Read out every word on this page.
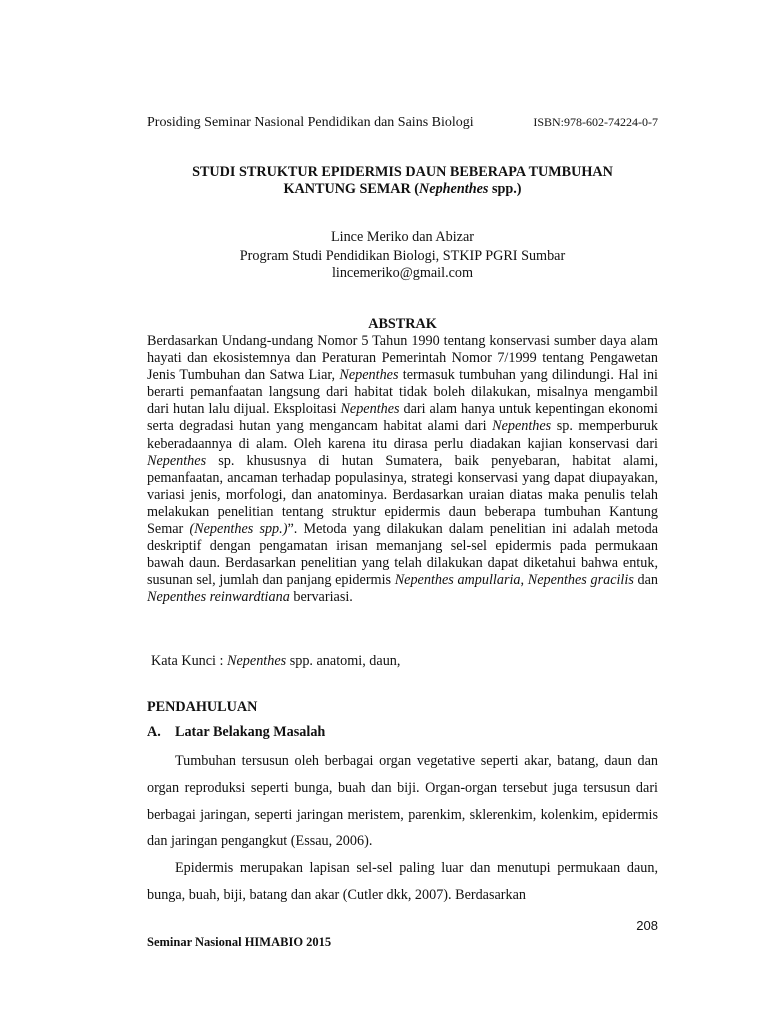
Prosiding Seminar Nasional Pendidikan dan Sains Biologi	ISBN:978-602-74224-0-7
STUDI STRUKTUR EPIDERMIS DAUN BEBERAPA TUMBUHAN
KANTUNG SEMAR (Nephenthes spp.)
Lince Meriko dan Abizar
Program Studi Pendidikan Biologi, STKIP PGRI Sumbar
lincemeriko@gmail.com
ABSTRAK

Berdasarkan Undang-undang Nomor 5 Tahun 1990 tentang konservasi sumber daya alam hayati dan ekosistemnya dan Peraturan Pemerintah Nomor 7/1999 tentang Pengawetan Jenis Tumbuhan dan Satwa Liar, Nepenthes termasuk tumbuhan yang dilindungi. Hal ini berarti pemanfaatan langsung dari habitat tidak boleh dilakukan, misalnya mengambil dari hutan lalu dijual. Eksploitasi Nepenthes dari alam hanya untuk kepentingan ekonomi serta degradasi hutan yang mengancam habitat alami dari Nepenthes sp. memperburuk keberadaannya di alam. Oleh karena itu dirasa perlu diadakan kajian konservasi dari Nepenthes sp. khususnya di hutan Sumatera, baik penyebaran, habitat alami, pemanfaatan, ancaman terhadap populasinya, strategi konservasi yang dapat diupayakan, variasi jenis, morfologi, dan anatominya. Berdasarkan uraian diatas maka penulis telah melakukan penelitian tentang struktur epidermis daun beberapa tumbuhan Kantung Semar (Nepenthes spp.)”. Metoda yang dilakukan dalam penelitian ini adalah metoda deskriptif dengan pengamatan irisan memanjang sel-sel epidermis pada permukaan bawah daun. Berdasarkan penelitian yang telah dilakukan dapat diketahui bahwa entuk, susunan sel, jumlah dan panjang epidermis Nepenthes ampullaria, Nepenthes gracilis dan Nepenthes reinwardtiana bervariasi.

Kata Kunci : Nepenthes spp. anatomi, daun,
PENDAHULUAN
A. Latar Belakang Masalah

Tumbuhan tersusun oleh berbagai organ vegetative seperti akar, batang, daun dan organ reproduksi seperti bunga, buah dan biji. Organ-organ tersebut juga tersusun dari berbagai jaringan, seperti jaringan meristem, parenkim, sklerenkim, kolenkim, epidermis dan jaringan pengangkut (Essau, 2006).

Epidermis merupakan lapisan sel-sel paling luar dan menutupi permukaan daun, bunga, buah, biji, batang dan akar (Cutler dkk, 2007). Berdasarkan

208
Seminar Nasional HIMABIO 2015
